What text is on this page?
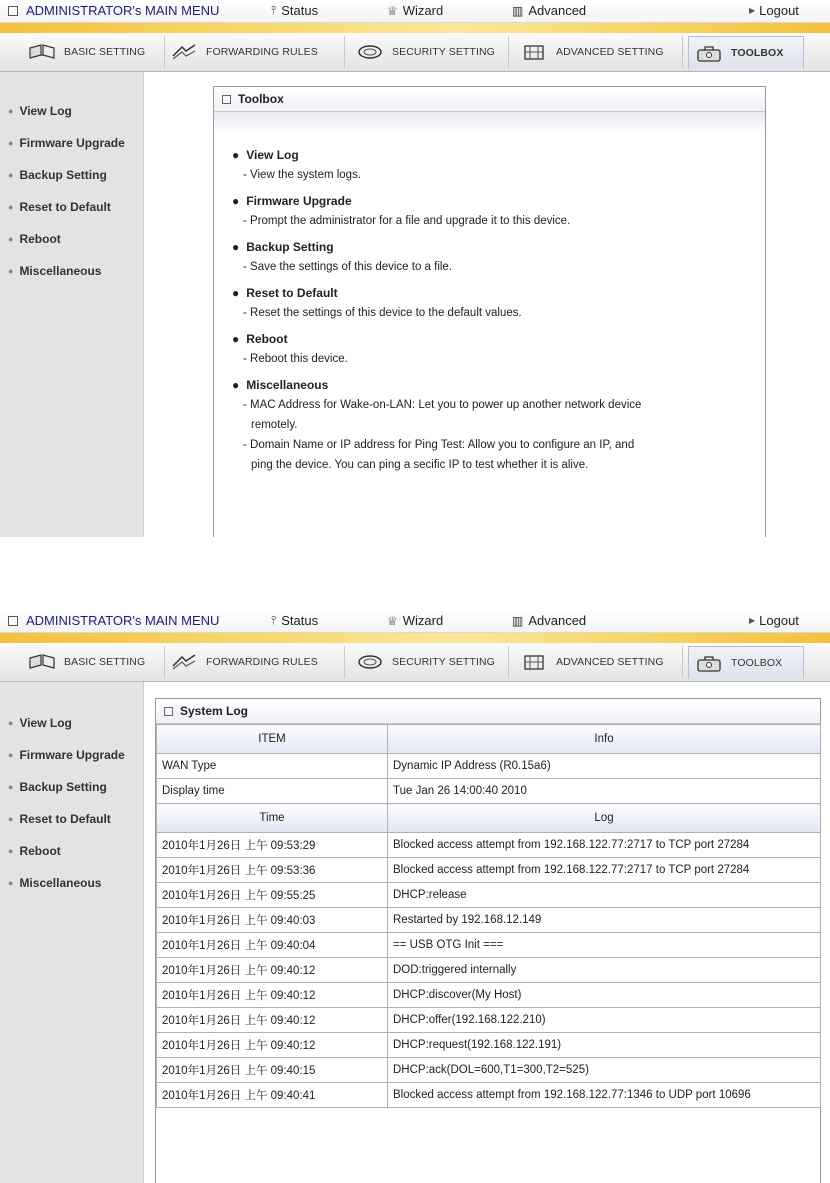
ADMINISTRATOR's MAIN MENU	⫯ Status	♕ Wizard	▥ Advanced	▶ Logout
BASIC SETTING	FORWARDING RULES	SECURITY SETTING	ADVANCED SETTING	TOOLBOX
● View Log
● Firmware Upgrade
● Backup Setting
● Reset to Default
● Reboot
● Miscellaneous
Toolbox
● View Log
- View the system logs.
● Firmware Upgrade
- Prompt the administrator for a file and upgrade it to this device.
● Backup Setting
- Save the settings of this device to a file.
● Reset to Default
- Reset the settings of this device to the default values.
● Reboot
- Reboot this device.
● Miscellaneous
- MAC Address for Wake-on-LAN: Let you to power up another network device
remotely.
- Domain Name or IP address for Ping Test: Allow you to configure an IP, and
ping the device. You can ping a secific IP to test whether it is alive.
ADMINISTRATOR's MAIN MENU	⫯ Status	♕ Wizard	▥ Advanced	▶ Logout
BASIC SETTING	FORWARDING RULES	SECURITY SETTING	ADVANCED SETTING	TOOLBOX
● View Log
● Firmware Upgrade
● Backup Setting
● Reset to Default
● Reboot
● Miscellaneous
System Log
ITEM	Info
WAN Type	Dynamic IP Address (R0.15a6)
Display time	Tue Jan 26 14:00:40 2010
Time	Log
2010年1月26日 上午 09:53:29	Blocked access attempt from 192.168.122.77:2717 to TCP port 27284
2010年1月26日 上午 09:53:36	Blocked access attempt from 192.168.122.77:2717 to TCP port 27284
2010年1月26日 上午 09:55:25	DHCP:release
2010年1月26日 上午 09:40:03	Restarted by 192.168.12.149
2010年1月26日 上午 09:40:04	== USB OTG Init ===
2010年1月26日 上午 09:40:12	DOD:triggered internally
2010年1月26日 上午 09:40:12	DHCP:discover(My Host)
2010年1月26日 上午 09:40:12	DHCP:offer(192.168.122.210)
2010年1月26日 上午 09:40:12	DHCP:request(192.168.122.191)
2010年1月26日 上午 09:40:15	DHCP:ack(DOL=600,T1=300,T2=525)
2010年1月26日 上午 09:40:41	Blocked access attempt from 192.168.122.77:1346 to UDP port 10696
